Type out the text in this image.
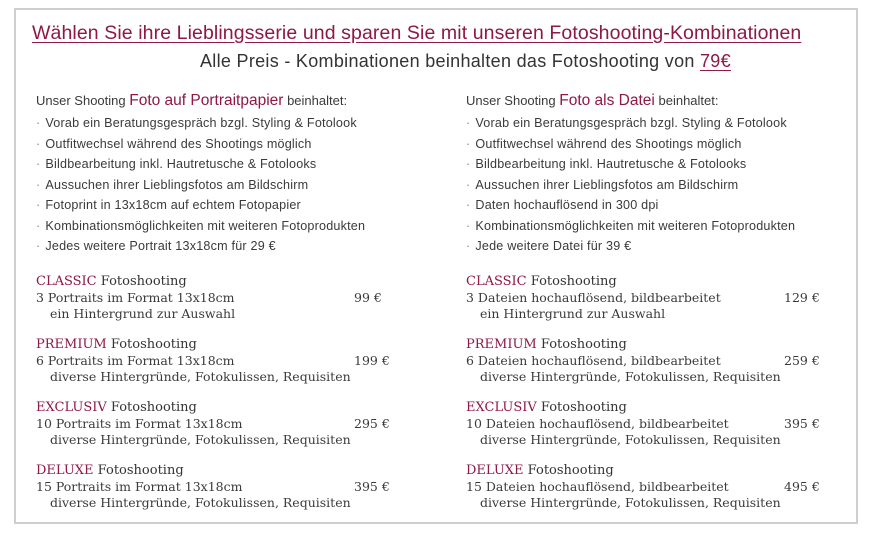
Wählen Sie ihre Lieblingsserie und sparen Sie mit unseren Fotoshooting-Kombinationen
Alle Preis - Kombinationen beinhalten das Fotoshooting von 79€
Unser Shooting Foto auf Portraitpapier beinhaltet:
· Vorab ein Beratungsgespräch bzgl. Styling & Fotolook
· Outfitwechsel während des Shootings möglich
· Bildbearbeitung inkl. Hautretusche & Fotolooks
· Aussuchen ihrer Lieblingsfotos am Bildschirm
· Fotoprint in 13x18cm auf echtem Fotopapier
· Kombinationsmöglichkeiten mit weiteren Fotoprodukten
· Jedes weitere Portrait 13x18cm für 29 €
CLASSIC Fotoshooting
3 Portraits im Format 13x18cm
ein Hintergrund zur Auswahl
99 €
PREMIUM Fotoshooting
6 Portraits im Format 13x18cm
diverse Hintergründe, Fotokulissen, Requisiten
199 €
EXCLUSIV Fotoshooting
10 Portraits im Format 13x18cm
diverse Hintergründe, Fotokulissen, Requisiten
295 €
DELUXE Fotoshooting
15 Portraits im Format 13x18cm
diverse Hintergründe, Fotokulissen, Requisiten
395 €
Unser Shooting Foto als Datei beinhaltet:
· Vorab ein Beratungsgespräch bzgl. Styling & Fotolook
· Outfitwechsel während des Shootings möglich
· Bildbearbeitung inkl. Hautretusche & Fotolooks
· Aussuchen ihrer Lieblingsfotos am Bildschirm
· Daten hochauflösend in 300 dpi
· Kombinationsmöglichkeiten mit weiteren Fotoprodukten
· Jede weitere Datei für 39 €
CLASSIC Fotoshooting
3 Dateien hochauflösend, bildbearbeitet
ein Hintergrund zur Auswahl
129 €
PREMIUM Fotoshooting
6 Dateien hochauflösend, bildbearbeitet
diverse Hintergründe, Fotokulissen, Requisiten
259 €
EXCLUSIV Fotoshooting
10 Dateien hochauflösend, bildbearbeitet
diverse Hintergründe, Fotokulissen, Requisiten
395 €
DELUXE Fotoshooting
15 Dateien hochauflösend, bildbearbeitet
diverse Hintergründe, Fotokulissen, Requisiten
495 €
